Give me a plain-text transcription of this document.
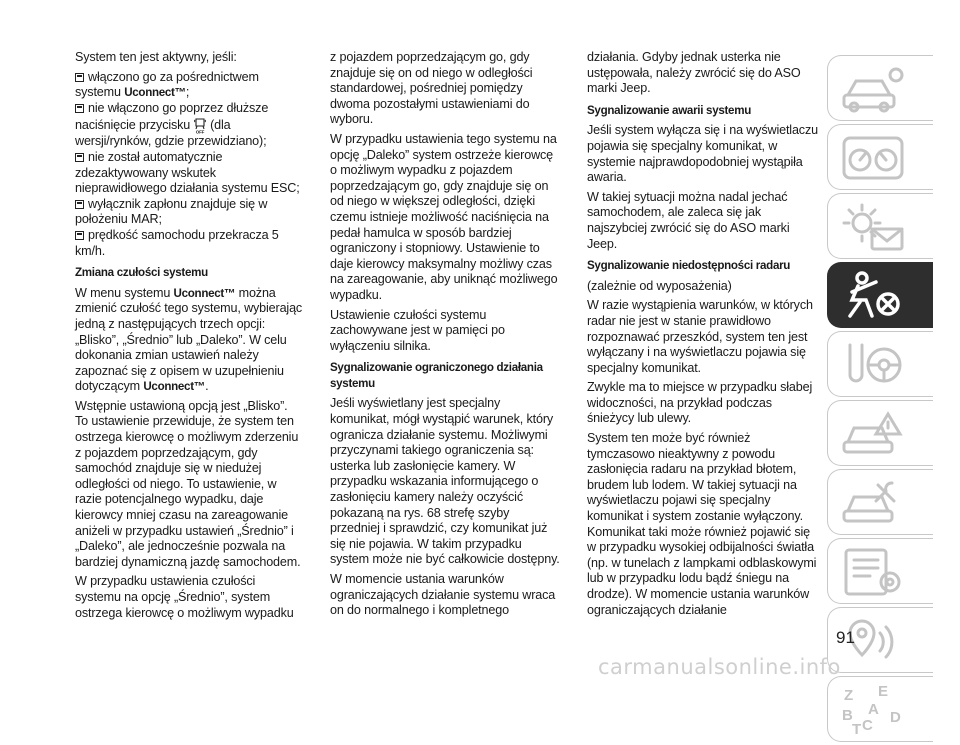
System ten jest aktywny, jeśli:
włączono go za pośrednictwem
systemu Uconnect™;
nie włączono go poprzez dłuższe
naciśnięcie przycisku OFF (dla
wersji/rynków, gdzie przewidziano);
nie został automatycznie zdezaktywowany wskutek nieprawidłowego działania systemu ESC;
wyłącznik zapłonu znajduje się w położeniu MAR;
prędkość samochodu przekracza 5 km/h.
Zmiana czułości systemu
W menu systemu Uconnect™ można zmienić czułość tego systemu, wybierając jedną z następujących trzech opcji: „Blisko”, „Średnio” lub „Daleko”. W celu dokonania zmian ustawień należy zapoznać się z opisem w uzupełnieniu dotyczącym Uconnect™.
Wstępnie ustawioną opcją jest „Blisko”. To ustawienie przewiduje, że system ten ostrzega kierowcę o możliwym zderzeniu z pojazdem poprzedzającym, gdy samochód znajduje się w niedużej odległości od niego. To ustawienie, w razie potencjalnego wypadku, daje kierowcy mniej czasu na zareagowanie aniżeli w przypadku ustawień „Średnio” i „Daleko”, ale jednocześnie pozwala na bardziej dynamiczną jazdę samochodem.
W przypadku ustawienia czułości systemu na opcję „Średnio”, system ostrzega kierowcę o możliwym wypadku
z pojazdem poprzedzającym go, gdy znajduje się on od niego w odległości standardowej, pośredniej pomiędzy dwoma pozostałymi ustawieniami do wyboru.
W przypadku ustawienia tego systemu na opcję „Daleko” system ostrzeże kierowcę o możliwym wypadku z pojazdem poprzedzającym go, gdy znajduje się on od niego w większej odległości, dzięki czemu istnieje możliwość naciśnięcia na pedał hamulca w sposób bardziej ograniczony i stopniowy. Ustawienie to daje kierowcy maksymalny możliwy czas na zareagowanie, aby uniknąć możliwego wypadku.
Ustawienie czułości systemu zachowywane jest w pamięci po wyłączeniu silnika.
Sygnalizowanie ograniczonego działania systemu
Jeśli wyświetlany jest specjalny komunikat, mógł wystąpić warunek, który ogranicza działanie systemu. Możliwymi przyczynami takiego ograniczenia są: usterka lub zasłonięcie kamery. W przypadku wskazania informującego o zasłonięciu kamery należy oczyścić pokazaną na rys. 68 strefę szyby przedniej i sprawdzić, czy komunikat już się nie pojawia. W takim przypadku system może nie być całkowicie dostępny.
W momencie ustania warunków ograniczających działanie systemu wraca on do normalnego i kompletnego
działania. Gdyby jednak usterka nie ustępowała, należy zwrócić się do ASO marki Jeep.
Sygnalizowanie awarii systemu
Jeśli system wyłącza się i na wyświetlaczu pojawia się specjalny komunikat, w systemie najprawdopodobniej wystąpiła awaria.
W takiej sytuacji można nadal jechać samochodem, ale zaleca się jak najszybciej zwrócić się do ASO marki Jeep.
Sygnalizowanie niedostępności radaru
(zależnie od wyposażenia)
W razie wystąpienia warunków, w których radar nie jest w stanie prawidłowo rozpoznawać przeszkód, system ten jest wyłączany i na wyświetlaczu pojawia się specjalny komunikat.
Zwykle ma to miejsce w przypadku słabej widoczności, na przykład podczas śnieżycy lub ulewy.
System ten może być również tymczasowo nieaktywny z powodu zasłonięcia radaru na przykład błotem, brudem lub lodem. W takiej sytuacji na wyświetlaczu pojawi się specjalny komunikat i system zostanie wyłączony. Komunikat taki może również pojawić się w przypadku wysokiej odbijalności światła (np. w tunelach z lampkami odblaskowymi lub w przypadku lodu bądź śniegu na drodze). W momencie ustania warunków ograniczających działanie
Z E
B
C
T
A D
91
carmanualsonline.info
